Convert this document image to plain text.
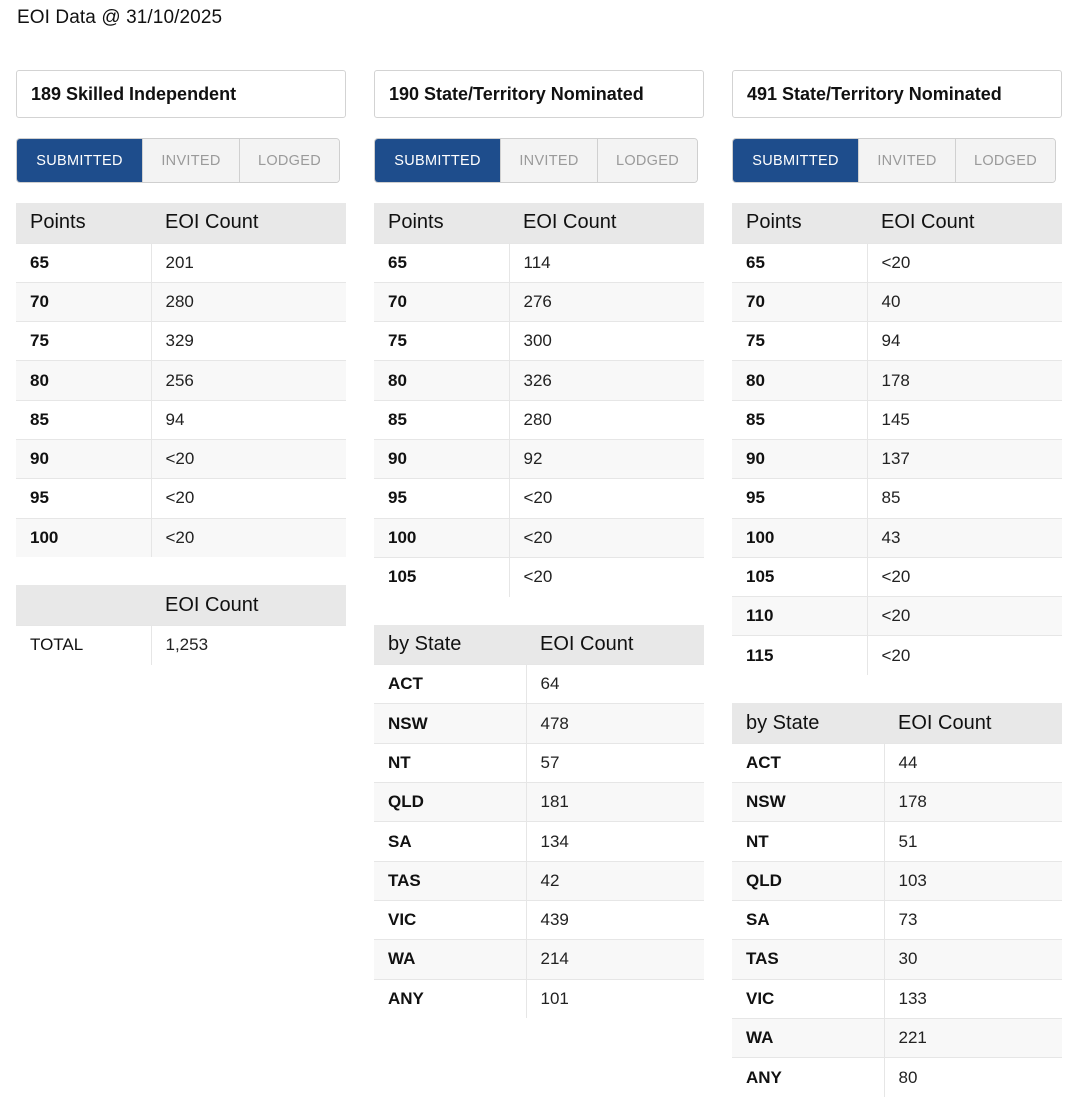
EOI Data @ 31/10/2025
189 Skilled Independent
SUBMITTED	INVITED	LODGED
Points	EOI Count
65	201
70	280
75	329
80	256
85	94
90	<20
95	<20
100	<20
	EOI Count
TOTAL	1,253
190 State/Territory Nominated
SUBMITTED	INVITED	LODGED
Points	EOI Count
65	114
70	276
75	300
80	326
85	280
90	92
95	<20
100	<20
105	<20
by State	EOI Count
ACT	64
NSW	478
NT	57
QLD	181
SA	134
TAS	42
VIC	439
WA	214
ANY	101
491 State/Territory Nominated
SUBMITTED	INVITED	LODGED
Points	EOI Count
65	<20
70	40
75	94
80	178
85	145
90	137
95	85
100	43
105	<20
110	<20
115	<20
by State	EOI Count
ACT	44
NSW	178
NT	51
QLD	103
SA	73
TAS	30
VIC	133
WA	221
ANY	80
